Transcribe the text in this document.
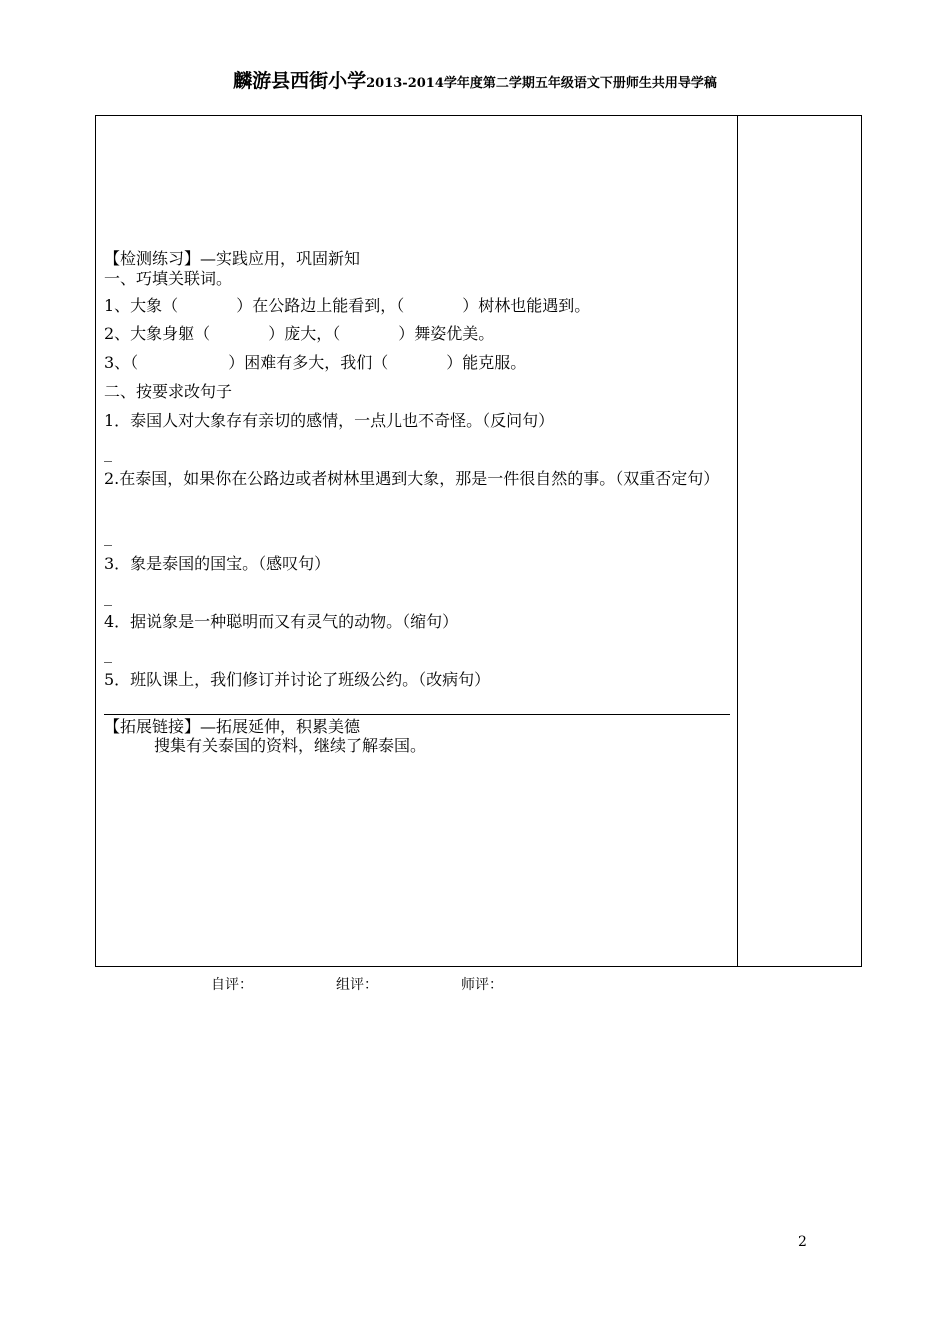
麟游县西街小学2013-2014学年度第二学期五年级语文下册师生共用导学稿
【检测练习】—实践应用，巩固新知
一、巧填关联词。
1、大象（	）在公路边上能看到，（	）树林也能遇到。
2、大象身躯（	）庞大，（	）舞姿优美。
3、（	）困难有多大，我们（	）能克服。
二、按要求改句子
1．泰国人对大象存有亲切的感情，一点儿也不奇怪。（反问句）
_
2.在泰国，如果你在公路边或者树林里遇到大象，那是一件很自然的事。（双重否定句）
_
3．象是泰国的国宝。（感叹句）
_
4．据说象是一种聪明而又有灵气的动物。（缩句）
_
5．班队课上，我们修订并讨论了班级公约。（改病句）
【拓展链接】—拓展延伸，积累美德
搜集有关泰国的资料，继续了解泰国。
自评：	组评：	师评：
2
